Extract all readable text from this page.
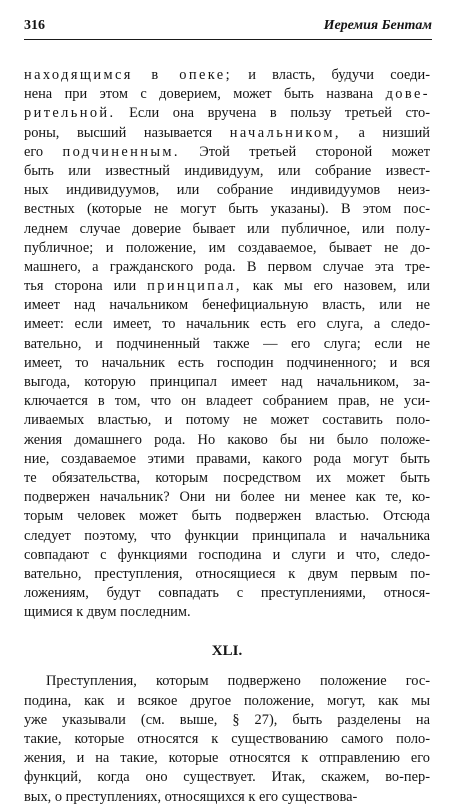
316	Иеремия Бентам
находящимся в опеке; и власть, будучи соеди-
нена при этом с доверием, может быть названа дове-
рительной. Если она вручена в пользу третьей сто-
роны, высший называется начальником, а низший
его подчиненным. Этой третьей стороной может
быть или известный индивидуум, или собрание извест-
ных индивидуумов, или собрание индивидуумов неиз-
вестных (которые не могут быть указаны). В этом пос-
леднем случае доверие бывает или публичное, или полу-
публичное; и положение, им создаваемое, бывает не до-
машнего, а гражданского рода. В первом случае эта тре-
тья сторона или принципал, как мы его назовем, или
имеет над начальником бенефициальную власть, или не
имеет: если имеет, то начальник есть его слуга, а следо-
вательно, и подчиненный также — его слуга; если не
имеет, то начальник есть господин подчиненного; и вся
выгода, которую принципал имеет над начальником, за-
ключается в том, что он владеет собранием прав, не уси-
ливаемых властью, и потому не может составить поло-
жения домашнего рода. Но каково бы ни было положе-
ние, создаваемое этими правами, какого рода могут быть
те обязательства, которым посредством их может быть
подвержен начальник? Они ни более ни менее как те, ко-
торым человек может быть подвержен властью. Отсюда
следует поэтому, что функции принципала и начальника
совпадают с функциями господина и слуги и что, следо-
вательно, преступления, относящиеся к двум первым по-
ложениям, будут совпадать с преступлениями, относя-
щимися к двум последним.
XLI.
Преступления, которым подвержено положение гос-
подина, как и всякое другое положение, могут, как мы
уже указывали (см. выше, § 27), быть разделены на
такие, которые относятся к существованию самого поло-
жения, и на такие, которые относятся к отправлению его
функций, когда оно существует. Итак, скажем, во-пер-
вых, о преступлениях, относящихся к его существова-
